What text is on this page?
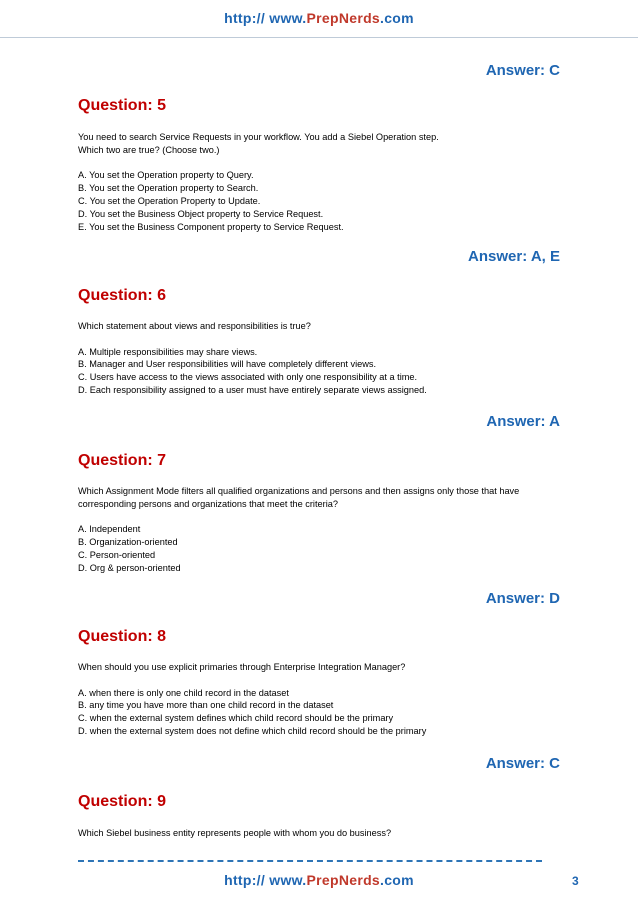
http:// www.PrepNerds.com
Answer: C
Question: 5
You need to search Service Requests in your workflow. You add a Siebel Operation step.
Which two are true? (Choose two.)
A. You set the Operation property to Query.
B. You set the Operation property to Search.
C. You set the Operation Property to Update.
D. You set the Business Object property to Service Request.
E. You set the Business Component property to Service Request.
Answer: A, E
Question: 6
Which statement about views and responsibilities is true?
A. Multiple responsibilities may share views.
B. Manager and User responsibilities will have completely different views.
C. Users have access to the views associated with only one responsibility at a time.
D. Each responsibility assigned to a user must have entirely separate views assigned.
Answer: A
Question: 7
Which Assignment Mode filters all qualified organizations and persons and then assigns only those that have
corresponding persons and organizations that meet the criteria?
A. Independent
B. Organization-oriented
C. Person-oriented
D. Org & person-oriented
Answer: D
Question: 8
When should you use explicit primaries through Enterprise Integration Manager?
A. when there is only one child record in the dataset
B. any time you have more than one child record in the dataset
C. when the external system defines which child record should be the primary
D. when the external system does not define which child record should be the primary
Answer: C
Question: 9
Which Siebel business entity represents people with whom you do business?
http:// www.PrepNerds.com	3
